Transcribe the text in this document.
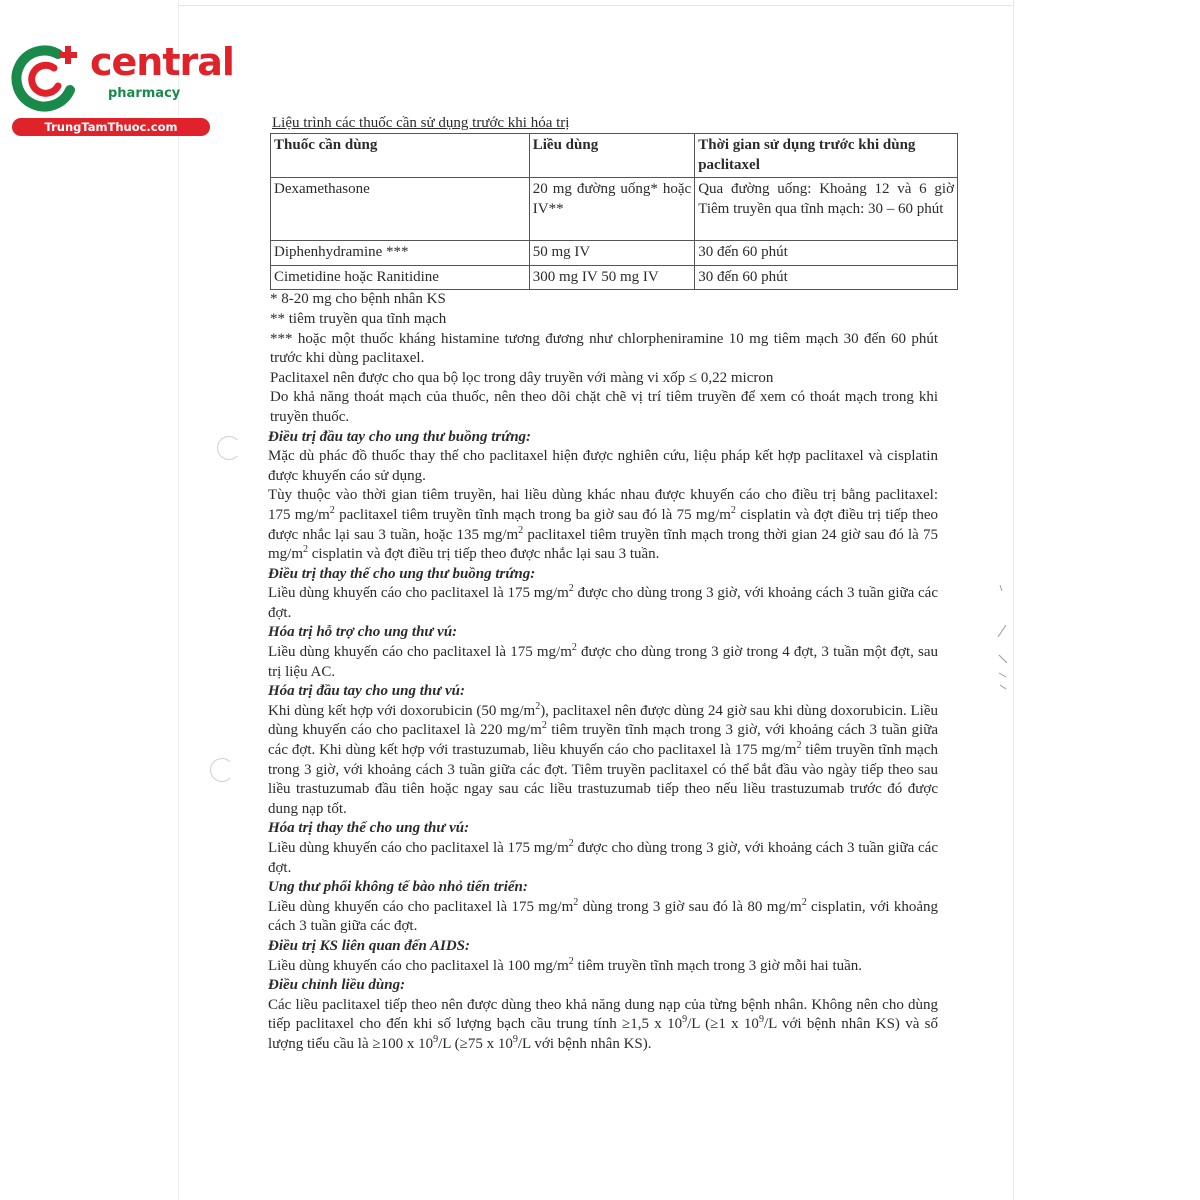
central
pharmacy
TrungTamThuoc.com	Liệu trình các thuốc cần sử dụng trước khi hóa trị
Thuốc cần dùng	Liều dùng	Thời gian sử dụng trước khi dùng paclitaxel
Dexamethasone	20 mg đường uống* hoặc IV**	Qua đường uống: Khoảng 12 và 6 giờ Tiêm truyền qua tĩnh mạch: 30 – 60 phút
Diphenhydramine ***	50 mg IV	30 đến 60 phút
Cimetidine hoặc Ranitidine	300 mg IV 50 mg IV	30 đến 60 phút

* 8-20 mg cho bệnh nhân KS

** tiêm truyền qua tĩnh mạch

*** hoặc một thuốc kháng histamine tương đương như chlorpheniramine 10 mg tiêm mạch 30 đến 60 phút trước khi dùng paclitaxel.

Paclitaxel nên được cho qua bộ lọc trong dây truyền với màng vi xốp ≤ 0,22 micron

Do khả năng thoát mạch của thuốc, nên theo dõi chặt chẽ vị trí tiêm truyền để xem có thoát mạch trong khi truyền thuốc.

Điều trị đầu tay cho ung thư buồng trứng:

Mặc dù phác đồ thuốc thay thế cho paclitaxel hiện được nghiên cứu, liệu pháp kết hợp paclitaxel và cisplatin được khuyến cáo sử dụng.

Tùy thuộc vào thời gian tiêm truyền, hai liều dùng khác nhau được khuyến cáo cho điều trị bằng paclitaxel: 175 $mg/m^2$ paclitaxel tiêm truyền tĩnh mạch trong ba giờ sau đó là 75 $mg/m^2$ cisplatin và đợt điều trị tiếp theo được nhắc lại sau 3 tuần, hoặc 135 $mg/m^2$ paclitaxel tiêm truyền tĩnh mạch trong thời gian 24 giờ sau đó là 75 $mg/m^2$ cisplatin và đợt điều trị tiếp theo được nhắc lại sau 3 tuần.

Điều trị thay thế cho ung thư buồng trứng:

Liều dùng khuyến cáo cho paclitaxel là 175 $mg/m^2$ được cho dùng trong 3 giờ, với khoảng cách 3 tuần giữa các đợt.

Hóa trị hỗ trợ cho ung thư vú:

Liều dùng khuyến cáo cho paclitaxel là 175 $mg/m^2$ được cho dùng trong 3 giờ trong 4 đợt, 3 tuần một đợt, sau trị liệu AC.

Hóa trị đầu tay cho ung thư vú:

Khi dùng kết hợp với doxorubicin (50 $mg/m^2$), paclitaxel nên được dùng 24 giờ sau khi dùng doxorubicin. Liều dùng khuyến cáo cho paclitaxel là 220 $mg/m^2$ tiêm truyền tĩnh mạch trong 3 giờ, với khoảng cách 3 tuần giữa các đợt. Khi dùng kết hợp với trastuzumab, liều khuyến cáo cho paclitaxel là 175 $mg/m^2$ tiêm truyền tĩnh mạch trong 3 giờ, với khoảng cách 3 tuần giữa các đợt. Tiêm truyền paclitaxel có thể bắt đầu vào ngày tiếp theo sau liều trastuzumab đầu tiên hoặc ngay sau các liều trastuzumab tiếp theo nếu liều trastuzumab trước đó được dung nạp tốt.

Hóa trị thay thế cho ung thư vú:

Liều dùng khuyến cáo cho paclitaxel là 175 $mg/m^2$ được cho dùng trong 3 giờ, với khoảng cách 3 tuần giữa các đợt.

Ung thư phổi không tế bào nhỏ tiến triển:

Liều dùng khuyến cáo cho paclitaxel là 175 $mg/m^2$ dùng trong 3 giờ sau đó là 80 $mg/m^2$ cisplatin, với khoảng cách 3 tuần giữa các đợt.

Điều trị KS liên quan đến AIDS:

Liều dùng khuyến cáo cho paclitaxel là 100 $mg/m^2$ tiêm truyền tĩnh mạch trong 3 giờ mỗi hai tuần.

Điều chỉnh liều dùng:

Các liều paclitaxel tiếp theo nên được dùng theo khả năng dung nạp của từng bệnh nhân. Không nên cho dùng tiếp paclitaxel cho đến khi số lượng bạch cầu trung tính ≥1,5 x $10^9/L$ (≥1 x $10^9/L$ với bệnh nhân KS) và số lượng tiểu cầu là ≥100 x $10^9/L$ (≥75 x $10^9/L$ với bệnh nhân KS).
